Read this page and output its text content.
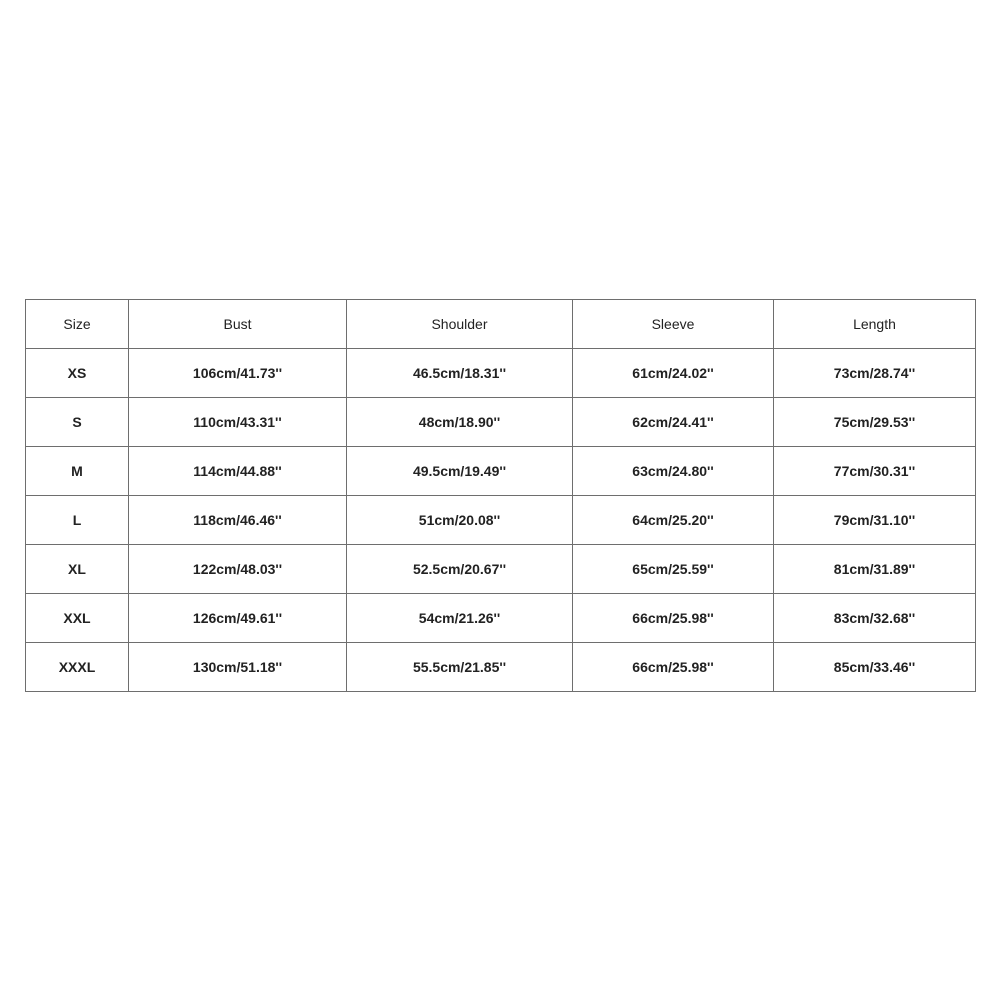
Size	Bust	Shoulder	Sleeve	Length
XS	106cm/41.73''	46.5cm/18.31''	61cm/24.02''	73cm/28.74''
S	110cm/43.31''	48cm/18.90''	62cm/24.41''	75cm/29.53''
M	114cm/44.88''	49.5cm/19.49''	63cm/24.80''	77cm/30.31''
L	118cm/46.46''	51cm/20.08''	64cm/25.20''	79cm/31.10''
XL	122cm/48.03''	52.5cm/20.67''	65cm/25.59''	81cm/31.89''
XXL	126cm/49.61''	54cm/21.26''	66cm/25.98''	83cm/32.68''
XXXL	130cm/51.18''	55.5cm/21.85''	66cm/25.98''	85cm/33.46''
